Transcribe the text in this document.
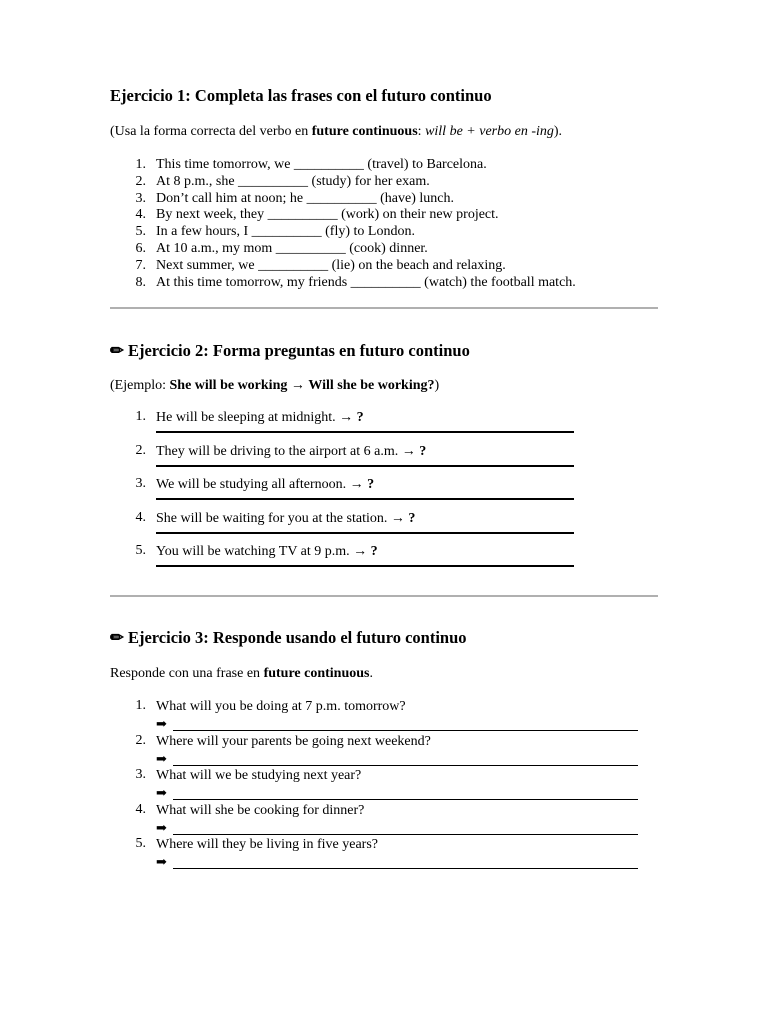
Ejercicio 1: Completa las frases con el futuro continuo

(Usa la forma correcta del verbo en future continuous: will be + verbo en -ing).

1. This time tomorrow, we __________ (travel) to Barcelona.
2. At 8 p.m., she __________ (study) for her exam.
3. Don’t call him at noon; he __________ (have) lunch.
4. By next week, they __________ (work) on their new project.
5. In a few hours, I __________ (fly) to London.
6. At 10 a.m., my mom __________ (cook) dinner.
7. Next summer, we __________ (lie) on the beach and relaxing.
8. At this time tomorrow, my friends __________ (watch) the football match.
✏ Ejercicio 2: Forma preguntas en futuro continuo

(Ejemplo: She will be working → Will she be working?)

1. He will be sleeping at midnight. → ?
2. They will be driving to the airport at 6 a.m. → ?
3. We will be studying all afternoon. → ?
4. She will be waiting for you at the station. → ?
5. You will be watching TV at 9 p.m. → ?
✏ Ejercicio 3: Responde usando el futuro continuo

Responde con una frase en future continuous.

1. What will you be doing at 7 p.m. tomorrow?
➡
2. Where will your parents be going next weekend?
➡
3. What will we be studying next year?
➡
4. What will she be cooking for dinner?
➡
5. Where will they be living in five years?
➡
